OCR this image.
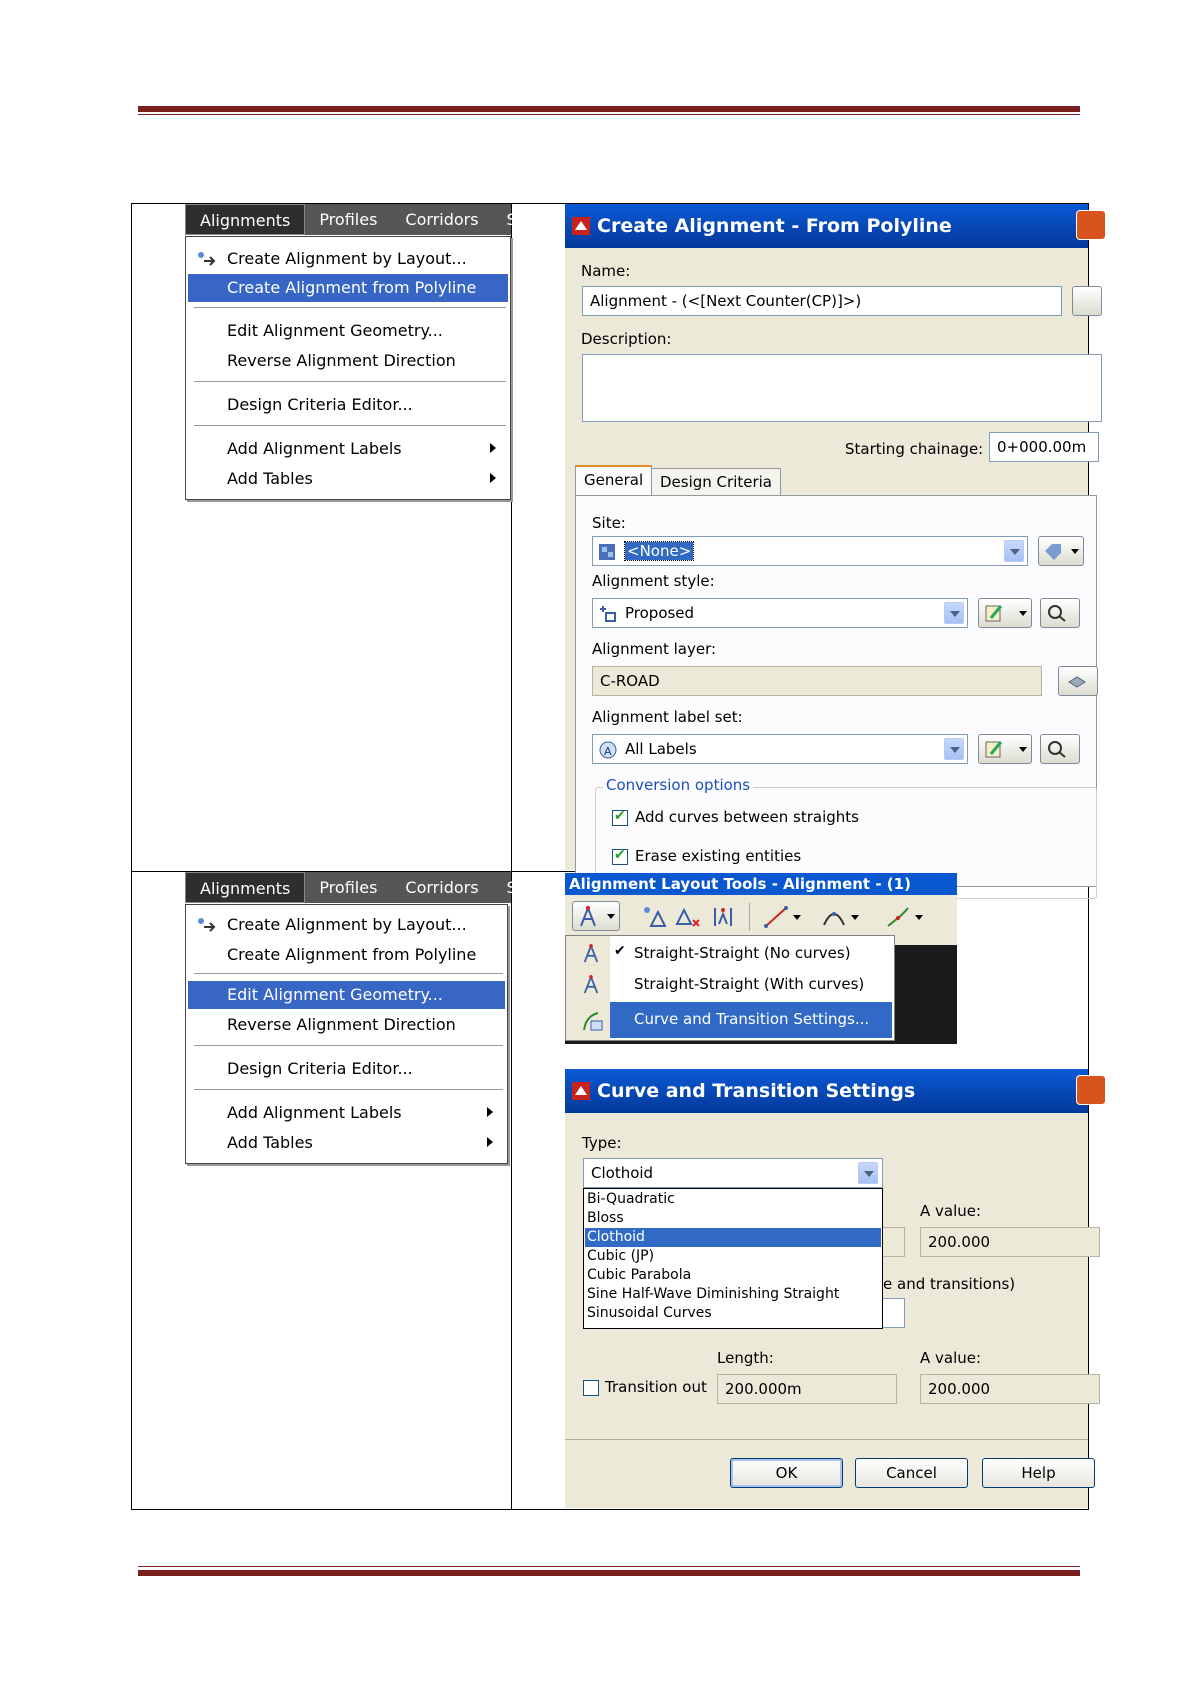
Alignments	Profiles	Corridors	Se
Create Alignment by Layout...
Create Alignment from Polyline
Edit Alignment Geometry...
Reverse Alignment Direction
Design Criteria Editor...
Add Alignment Labels
Add Tables
Alignments	Profiles	Corridors	Se
Create Alignment by Layout...
Create Alignment from Polyline
Edit Alignment Geometry...
Reverse Alignment Direction
Design Criteria Editor...
Add Alignment Labels
Add Tables
Create Alignment - From Polyline
Name:
Alignment - (<[Next Counter(CP)]>)
Description:
Starting chainage: 0+000.00m
General	Design Criteria
Site:
<None>
Alignment style:
Proposed
Alignment layer:
C-ROAD
Alignment label set:
A All Labels
Conversion options
✔
Add curves between straights
✔
Erase existing entities
Alignment Layout Tools - Alignment - (1)
✔ Straight-Straight (No curves)
Straight-Straight (With curves)
Curve and Transition Settings...
Curve and Transition Settings
Type:
Clothoid
A value:
200.000
e and transitions)
Bi-Quadratic
Bloss
Clothoid
Cubic (JP)
Cubic Parabola
Sine Half-Wave Diminishing Straight
Sinusoidal Curves
Length:	A value:
Transition out	200.000m	200.000
OK	Cancel	Help
